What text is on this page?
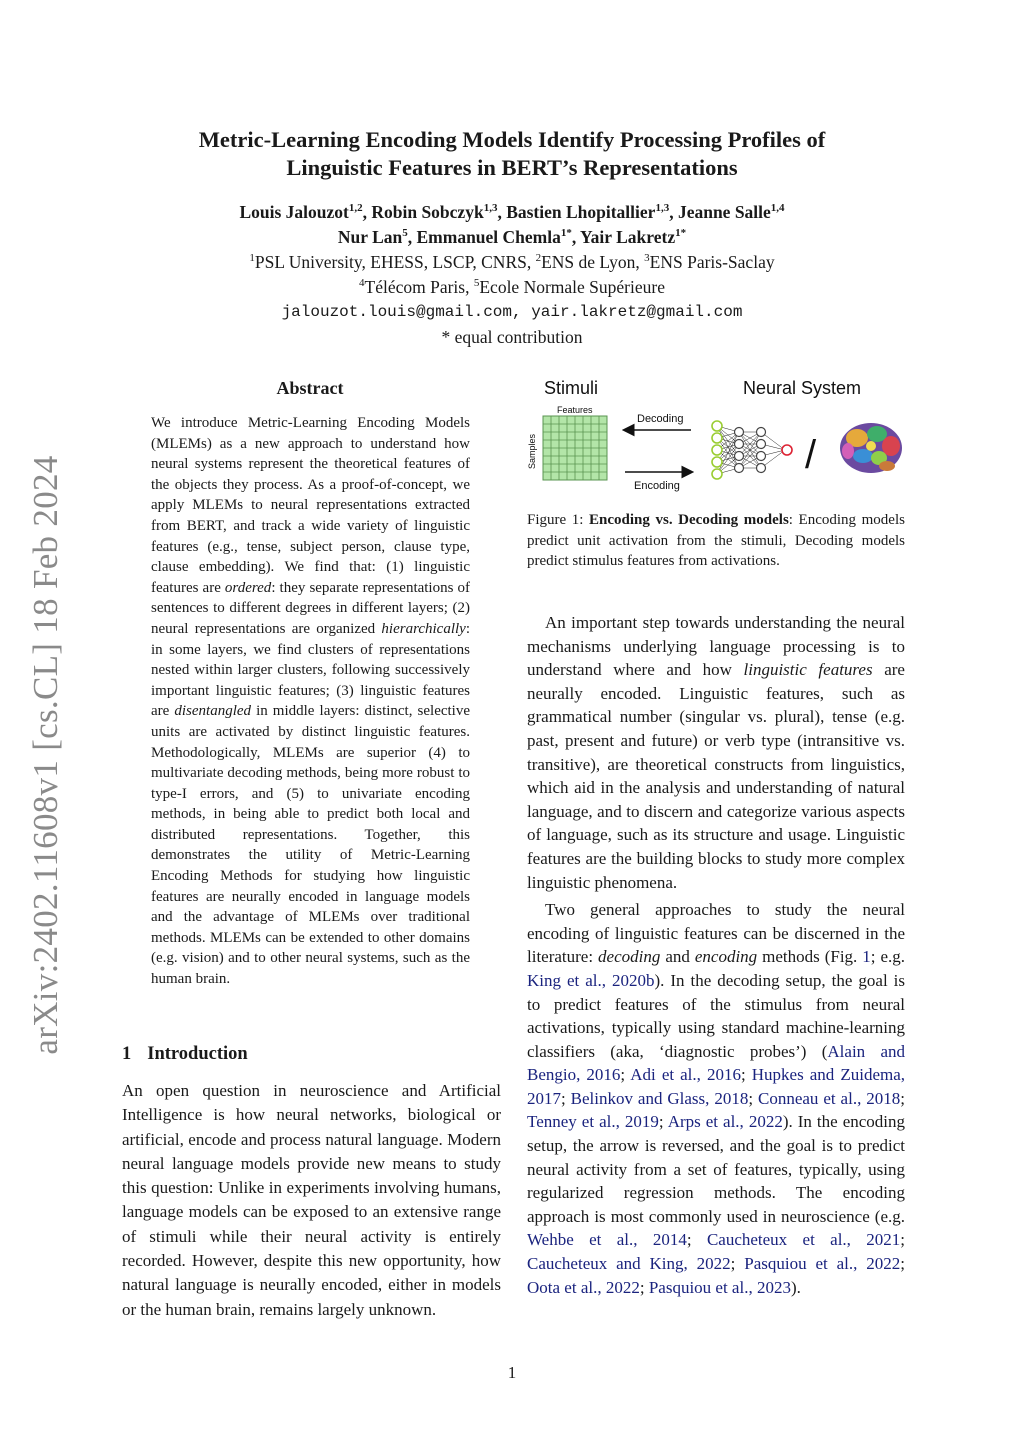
arXiv:2402.11608v1 [cs.CL] 18 Feb 2024
Metric-Learning Encoding Models Identify Processing Profiles of
Linguistic Features in BERT’s Representations
Louis Jalouzot$^{1,2}$, Robin Sobczyk$^{1,3}$, Bastien Lhopitallier$^{1,3}$, Jeanne Salle$^{1,4}$
Nur Lan$^5$, Emmanuel Chemla$^{1*}$, Yair Lakretz$^{1*}$
$^1$PSL University, EHESS, LSCP, CNRS, $^2$ENS de Lyon, $^3$ENS Paris-Saclay
$^4$Télécom Paris, $^5$Ecole Normale Supérieure
jalouzot.louis@gmail.com, yair.lakretz@gmail.com
* equal contribution
Abstract
We introduce Metric-Learning Encoding Models (MLEMs) as a new approach to understand how neural systems represent the theoretical features of the objects they process. As a proof-of-concept, we apply MLEMs to neural representations extracted from BERT, and track a wide variety of linguistic features (e.g., tense, subject person, clause type, clause embedding). We find that: (1) linguistic features are ordered: they separate representations of sentences to different degrees in different layers; (2) neural representations are organized hierarchically: in some layers, we find clusters of representations nested within larger clusters, following successively important linguistic features; (3) linguistic features are disentangled in middle layers: distinct, selective units are activated by distinct linguistic features. Methodologically, MLEMs are superior (4) to multivariate decoding methods, being more robust to type-I errors, and (5) to univariate encoding methods, in being able to predict both local and distributed representations. Together, this demonstrates the utility of Metric-Learning Encoding Methods for studying how linguistic features are neurally encoded in language models and the advantage of MLEMs over traditional methods. MLEMs can be extended to other domains (e.g. vision) and to other neural systems, such as the human brain.
1 Introduction
An open question in neuroscience and Artificial Intelligence is how neural networks, biological or artificial, encode and process natural language. Modern neural language models provide new means to study this question: Unlike in experiments involving humans, language models can be exposed to an extensive range of stimuli while their neural activity is entirely recorded. However, despite this new opportunity, how natural language is neurally encoded, either in models or the human brain, remains largely unknown.
Stimuli	Neural System
Features
Samples
Decoding
Encoding
/
Figure 1: Encoding vs. Decoding models: Encoding models predict unit activation from the stimuli, Decoding models predict stimulus features from activations.

An important step towards understanding the neural mechanisms underlying language processing is to understand where and how linguistic features are neurally encoded. Linguistic features, such as grammatical number (singular vs. plural), tense (e.g. past, present and future) or verb type (intransitive vs. transitive), are theoretical constructs from linguistics, which aid in the analysis and understanding of natural language, and to discern and categorize various aspects of language, such as its structure and usage. Linguistic features are the building blocks to study more complex linguistic phenomena.

Two general approaches to study the neural encoding of linguistic features can be discerned in the literature: decoding and encoding methods (Fig. 1; e.g. King et al., 2020b). In the decoding setup, the goal is to predict features of the stimulus from neural activations, typically using standard machine-learning classifiers (aka, ‘diagnostic probes’) (Alain and Bengio, 2016; Adi et al., 2016; Hupkes and Zuidema, 2017; Belinkov and Glass, 2018; Conneau et al., 2018; Tenney et al., 2019; Arps et al., 2022). In the encoding setup, the arrow is reversed, and the goal is to predict neural activity from a set of features, typically, using regularized regression methods. The encoding approach is most commonly used in neuroscience (e.g. Wehbe et al., 2014; Caucheteux et al., 2021; Caucheteux and King, 2022; Pasquiou et al., 2022; Oota et al., 2022; Pasquiou et al., 2023).

1
